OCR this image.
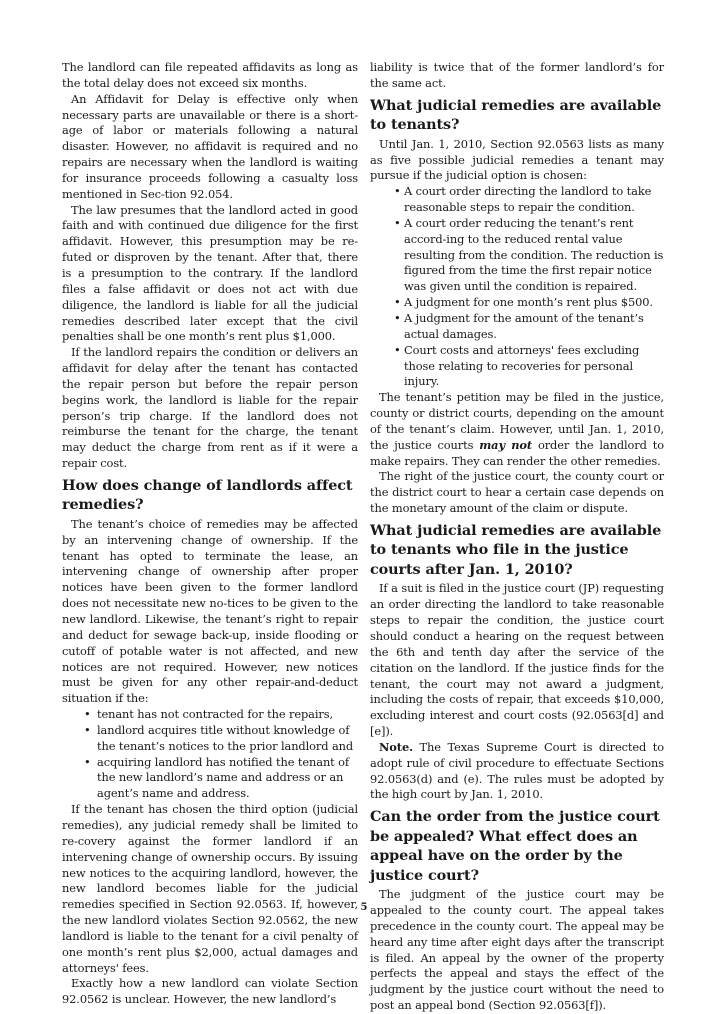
The landlord can file repeated affidavits as long as the total delay does not exceed six months.

An Affidavit for Delay is effective only when necessary parts are unavailable or there is a short-age of labor or materials following a natural disaster. However, no affidavit is required and no repairs are necessary when the landlord is waiting for insurance proceeds following a casualty loss mentioned in Sec-tion 92.054.

The law presumes that the landlord acted in good faith and with continued due diligence for the first affidavit. However, this presumption may be re-futed or disproven by the tenant. After that, there is a presumption to the contrary. If the landlord files a false affidavit or does not act with due diligence, the landlord is liable for all the judicial remedies described later except that the civil penalties shall be one month’s rent plus $1,000.

If the landlord repairs the condition or delivers an affidavit for delay after the tenant has contacted the repair person but before the repair person begins work, the landlord is liable for the repair person’s trip charge. If the landlord does not reimburse the tenant for the charge, the tenant may deduct the charge from rent as if it were a repair cost.

How does change of landlords affect remedies?

The tenant’s choice of remedies may be affected by an intervening change of ownership. If the tenant has opted to terminate the lease, an intervening change of ownership after proper notices have been given to the former landlord does not necessitate new no-tices to be given to the new landlord. Likewise, the tenant’s right to repair and deduct for sewage back-up, inside flooding or cutoff of potable water is not affected, and new notices are not required. However, new notices must be given for any other repair-and-deduct situation if the:

• tenant has not contracted for the repairs,
• landlord acquires title without knowledge of the tenant’s notices to the prior landlord and
• acquiring landlord has notified the tenant of the new landlord’s name and address or an agent’s name and address.

If the tenant has chosen the third option (judicial remedies), any judicial remedy shall be limited to re-covery against the former landlord if an intervening change of ownership occurs. By issuing new notices to the acquiring landlord, however, the new landlord becomes liable for the judicial remedies specified in Section 92.0563. If, however, the new landlord violates Section 92.0562, the new landlord is liable to the tenant for a civil penalty of one month’s rent plus $2,000, actual damages and attorneys' fees.

Exactly how a new landlord can violate Section 92.0562 is unclear. However, the new landlord’s

liability is twice that of the former landlord’s for the same act.

What judicial remedies are available to tenants?

Until Jan. 1, 2010, Section 92.0563 lists as many as five possible judicial remedies a tenant may pursue if the judicial option is chosen:

• A court order directing the landlord to take reasonable steps to repair the condition.
• A court order reducing the tenant’s rent accord-ing to the reduced rental value resulting from the condition. The reduction is figured from the time the first repair notice was given until the condition is repaired.
• A judgment for one month’s rent plus $500.
• A judgment for the amount of the tenant’s actual damages.
• Court costs and attorneys' fees excluding those relating to recoveries for personal injury.

The tenant’s petition may be filed in the justice, county or district courts, depending on the amount of the tenant’s claim. However, until Jan. 1, 2010, the justice courts may not order the landlord to make repairs. They can render the other remedies.

The right of the justice court, the county court or the district court to hear a certain case depends on the monetary amount of the claim or dispute.

What judicial remedies are available to tenants who file in the justice courts after Jan. 1, 2010?

If a suit is filed in the justice court (JP) requesting an order directing the landlord to take reasonable steps to repair the condition, the justice court should conduct a hearing on the request between the 6th and tenth day after the service of the citation on the landlord. If the justice finds for the tenant, the court may not award a judgment, including the costs of repair, that exceeds $10,000, excluding interest and court costs (92.0563[d] and [e]).

Note. The Texas Supreme Court is directed to adopt rule of civil procedure to effectuate Sections 92.0563(d) and (e). The rules must be adopted by the high court by Jan. 1, 2010.

Can the order from the justice court be appealed? What effect does an appeal have on the order by the justice court?

The judgment of the justice court may be appealed to the county court. The appeal takes precedence in the county court. The appeal may be heard any time after eight days after the transcript is filed. An appeal by the owner of the property perfects the appeal and stays the effect of the judgment by the justice court without the need to post an appeal bond (Section 92.0563[f]).

5
